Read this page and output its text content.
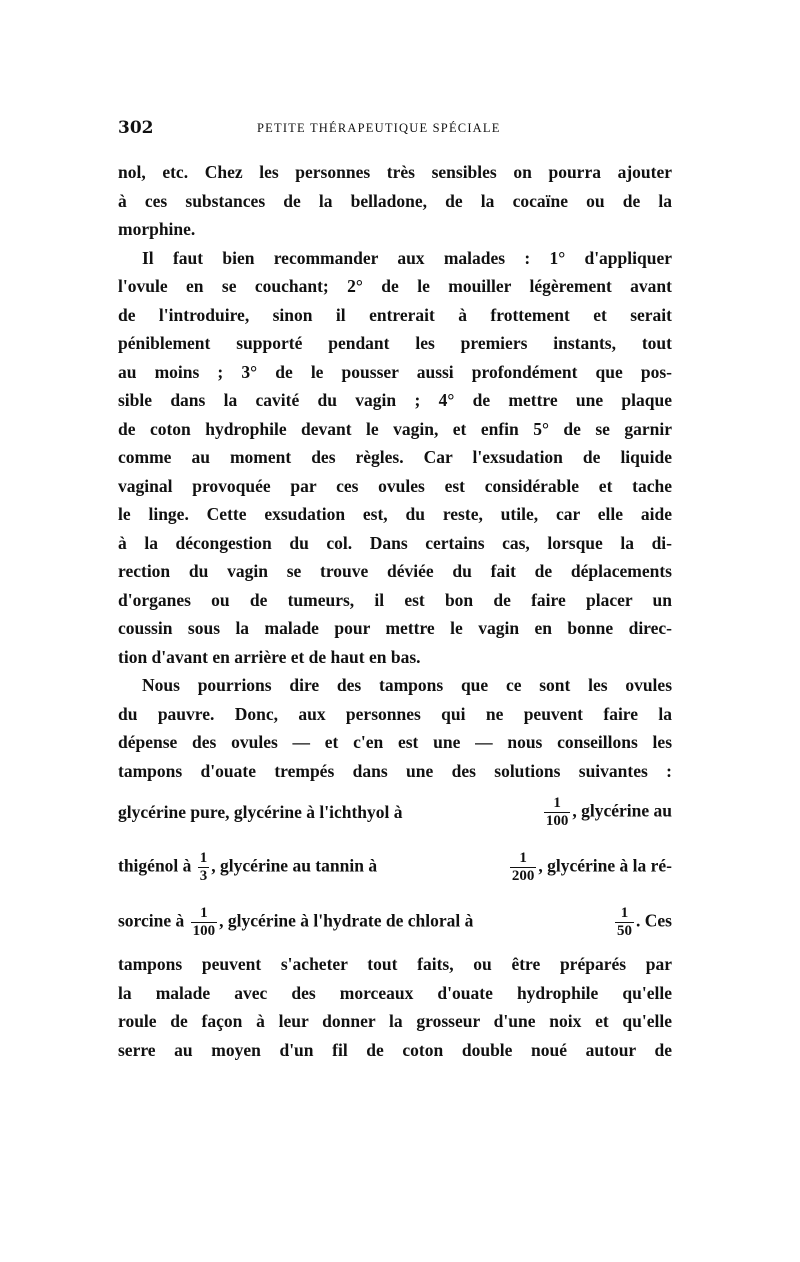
302	PETITE THÉRAPEUTIQUE SPÉCIALE
nol, etc. Chez les personnes très sensibles on pourra ajouter
à ces substances de la belladone, de la cocaïne ou de la
morphine.
Il faut bien recommander aux malades : 1° d'appliquer
l'ovule en se couchant; 2° de le mouiller légèrement avant
de l'introduire, sinon il entrerait à frottement et serait
péniblement supporté pendant les premiers instants, tout
au moins ; 3° de le pousser aussi profondément que pos-
sible dans la cavité du vagin ; 4° de mettre une plaque
de coton hydrophile devant le vagin, et enfin 5° de se garnir
comme au moment des règles. Car l'exsudation de liquide
vaginal provoquée par ces ovules est considérable et tache
le linge. Cette exsudation est, du reste, utile, car elle aide
à la décongestion du col. Dans certains cas, lorsque la di-
rection du vagin se trouve déviée du fait de déplacements
d'organes ou de tumeurs, il est bon de faire placer un
coussin sous la malade pour mettre le vagin en bonne direc-
tion d'avant en arrière et de haut en bas.
Nous pourrions dire des tampons que ce sont les ovules
du pauvre. Donc, aux personnes qui ne peuvent faire la
dépense des ovules — et c'en est une — nous conseillons les
tampons d'ouate trempés dans une des solutions suivantes :
glycérine pure, glycérine à l'ichthyol à	$\frac{1}{100}$ , glycérine au
thigénol à $\frac{1}{3}$ , glycérine au tannin à	$\frac{1}{200}$ , glycérine à la ré-
sorcine à $\frac{1}{100}$ , glycérine à l'hydrate de chloral à	$\frac{1}{50}$ . Ces
tampons peuvent s'acheter tout faits, ou être préparés par
la malade avec des morceaux d'ouate hydrophile qu'elle
roule de façon à leur donner la grosseur d'une noix et qu'elle
serre au moyen d'un fil de coton double noué autour de
